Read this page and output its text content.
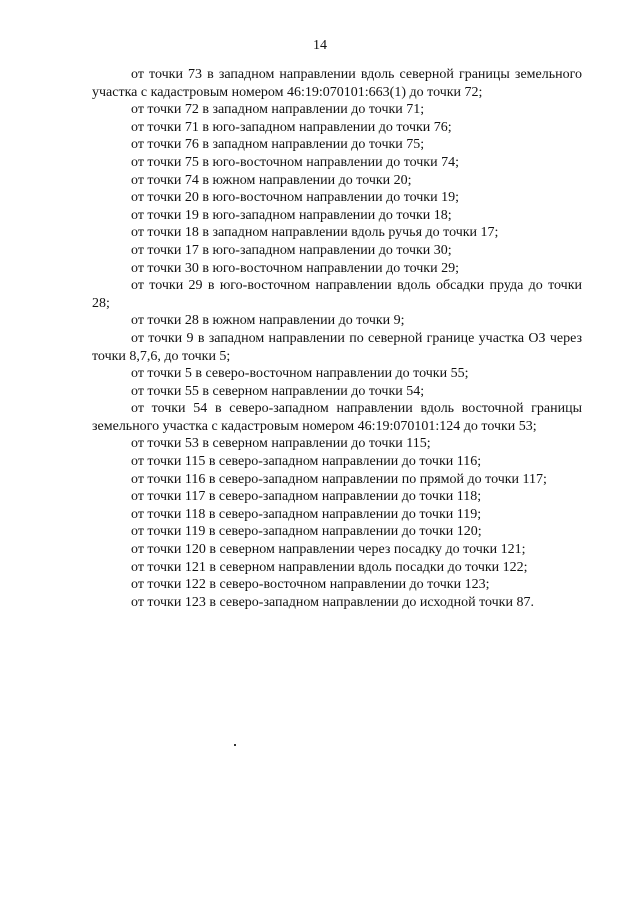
14

от точки 73 в западном направлении вдоль северной границы земельного участка с кадастровым номером 46:19:070101:663(1) до точки 72;

от точки 72 в западном направлении до точки 71;

от точки 71 в юго-западном направлении до точки 76;

от точки 76 в западном направлении до точки 75;

от точки 75 в юго-восточном направлении до точки 74;

от точки 74 в южном направлении до точки 20;

от точки 20 в юго-восточном направлении до точки 19;

от точки 19 в юго-западном направлении до точки 18;

от точки 18 в западном направлении вдоль ручья до точки 17;

от точки 17 в юго-западном направлении до точки 30;

от точки 30 в юго-восточном направлении до точки 29;

от точки 29 в юго-восточном направлении вдоль обсадки пруда до точки 28;

от точки 28 в южном направлении до точки 9;

от точки 9 в западном направлении по северной границе участка ОЗ через точки 8,7,6, до точки 5;

от точки 5 в северо-восточном направлении до точки 55;

от точки 55 в северном направлении до точки 54;

от точки 54 в северо-западном направлении вдоль восточной границы земельного участка с кадастровым номером 46:19:070101:124 до точки 53;

от точки 53 в северном направлении до точки 115;

от точки 115 в северо-западном направлении до точки 116;

от точки 116 в северо-западном направлении по прямой до точки 117;

от точки 117 в северо-западном направлении до точки 118;

от точки 118 в северо-западном направлении до точки 119;

от точки 119 в северо-западном направлении до точки 120;

от точки 120 в северном направлении через посадку до точки 121;

от точки 121 в северном направлении вдоль посадки до точки 122;

от точки 122 в северо-восточном направлении до точки 123;

от точки 123 в северо-западном направлении до исходной точки 87.
